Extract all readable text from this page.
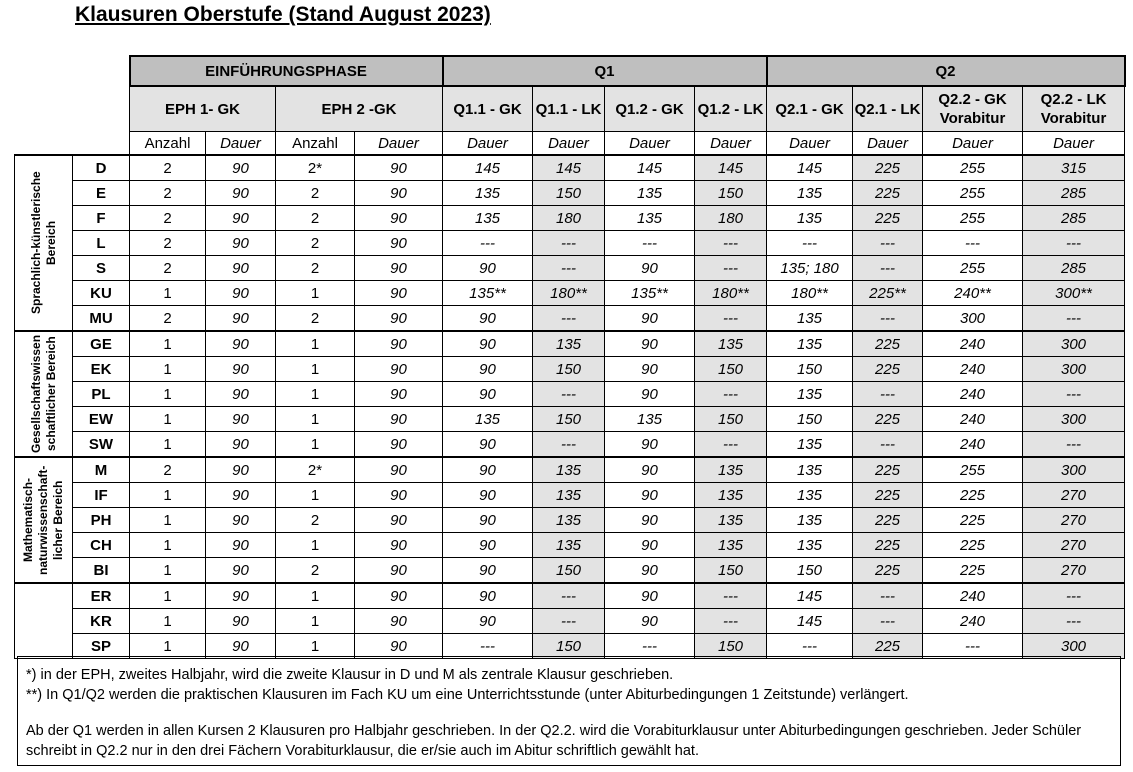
Klausuren Oberstufe (Stand August 2023)
		EINFÜHRUNGSPHASE				Q1				Q2			
		EPH 1- GK		EPH 2 -GK		Q1.1 - GK	Q1.1 - LK	Q1.2 - GK	Q1.2 - LK	Q2.1 - GK	Q2.1 - LK	Q2.2 - GK Vorabitur	Q2.2 - LK Vorabitur
		Anzahl	Dauer	Anzahl	Dauer	Dauer	Dauer	Dauer	Dauer	Dauer	Dauer	Dauer	Dauer

Sprachlich-künstlerische Bereich	D	2	90	2*	90	145	145	145	145	145	225	255	315
	E	2	90	2	90	135	150	135	150	135	225	255	285
	F	2	90	2	90	135	180	135	180	135	225	255	285
	L	2	90	2	90	---	---	---	---	---	---	---	---
	S	2	90	2	90	90	---	90	---	135; 180	---	255	285
	KU	1	90	1	90	135**	180**	135**	180**	180**	225**	240**	300**
	MU	2	90	2	90	90	---	90	---	135	---	300	---

Gesellschaftswissen schaftlicher Bereich	GE	1	90	1	90	90	135	90	135	135	225	240	300
	EK	1	90	1	90	90	150	90	150	150	225	240	300
	PL	1	90	1	90	90	---	90	---	135	---	240	---
	EW	1	90	1	90	135	150	135	150	150	225	240	300
	SW	1	90	1	90	90	---	90	---	135	---	240	---

Mathematisch-naturwissenschaft-licher Bereich	M	2	90	2*	90	90	135	90	135	135	225	255	300
	IF	1	90	1	90	90	135	90	135	135	225	225	270
	PH	1	90	2	90	90	135	90	135	135	225	225	270
	CH	1	90	1	90	90	135	90	135	135	225	225	270
	BI	1	90	2	90	90	150	90	150	150	225	225	270

	ER	1	90	1	90	90	---	90	---	145	---	240	---
	KR	1	90	1	90	90	---	90	---	145	---	240	---
	SP	1	90	1	90	---	150	---	150	---	225	---	300

*) in der EPH, zweites Halbjahr, wird die zweite Klausur in D und M als zentrale Klausur geschrieben.

**) In Q1/Q2 werden die praktischen Klausuren im Fach KU um eine Unterrichtsstunde (unter Abiturbedingungen 1 Zeitstunde) verlängert.

Ab der Q1 werden in allen Kursen 2 Klausuren pro Halbjahr geschrieben. In der Q2.2. wird die Vorabiturklausur unter Abiturbedingungen geschrieben. Jeder Schüler schreibt in Q2.2 nur in den drei Fächern Vorabiturklausur, die er/sie auch im Abitur schriftlich gewählt hat.
